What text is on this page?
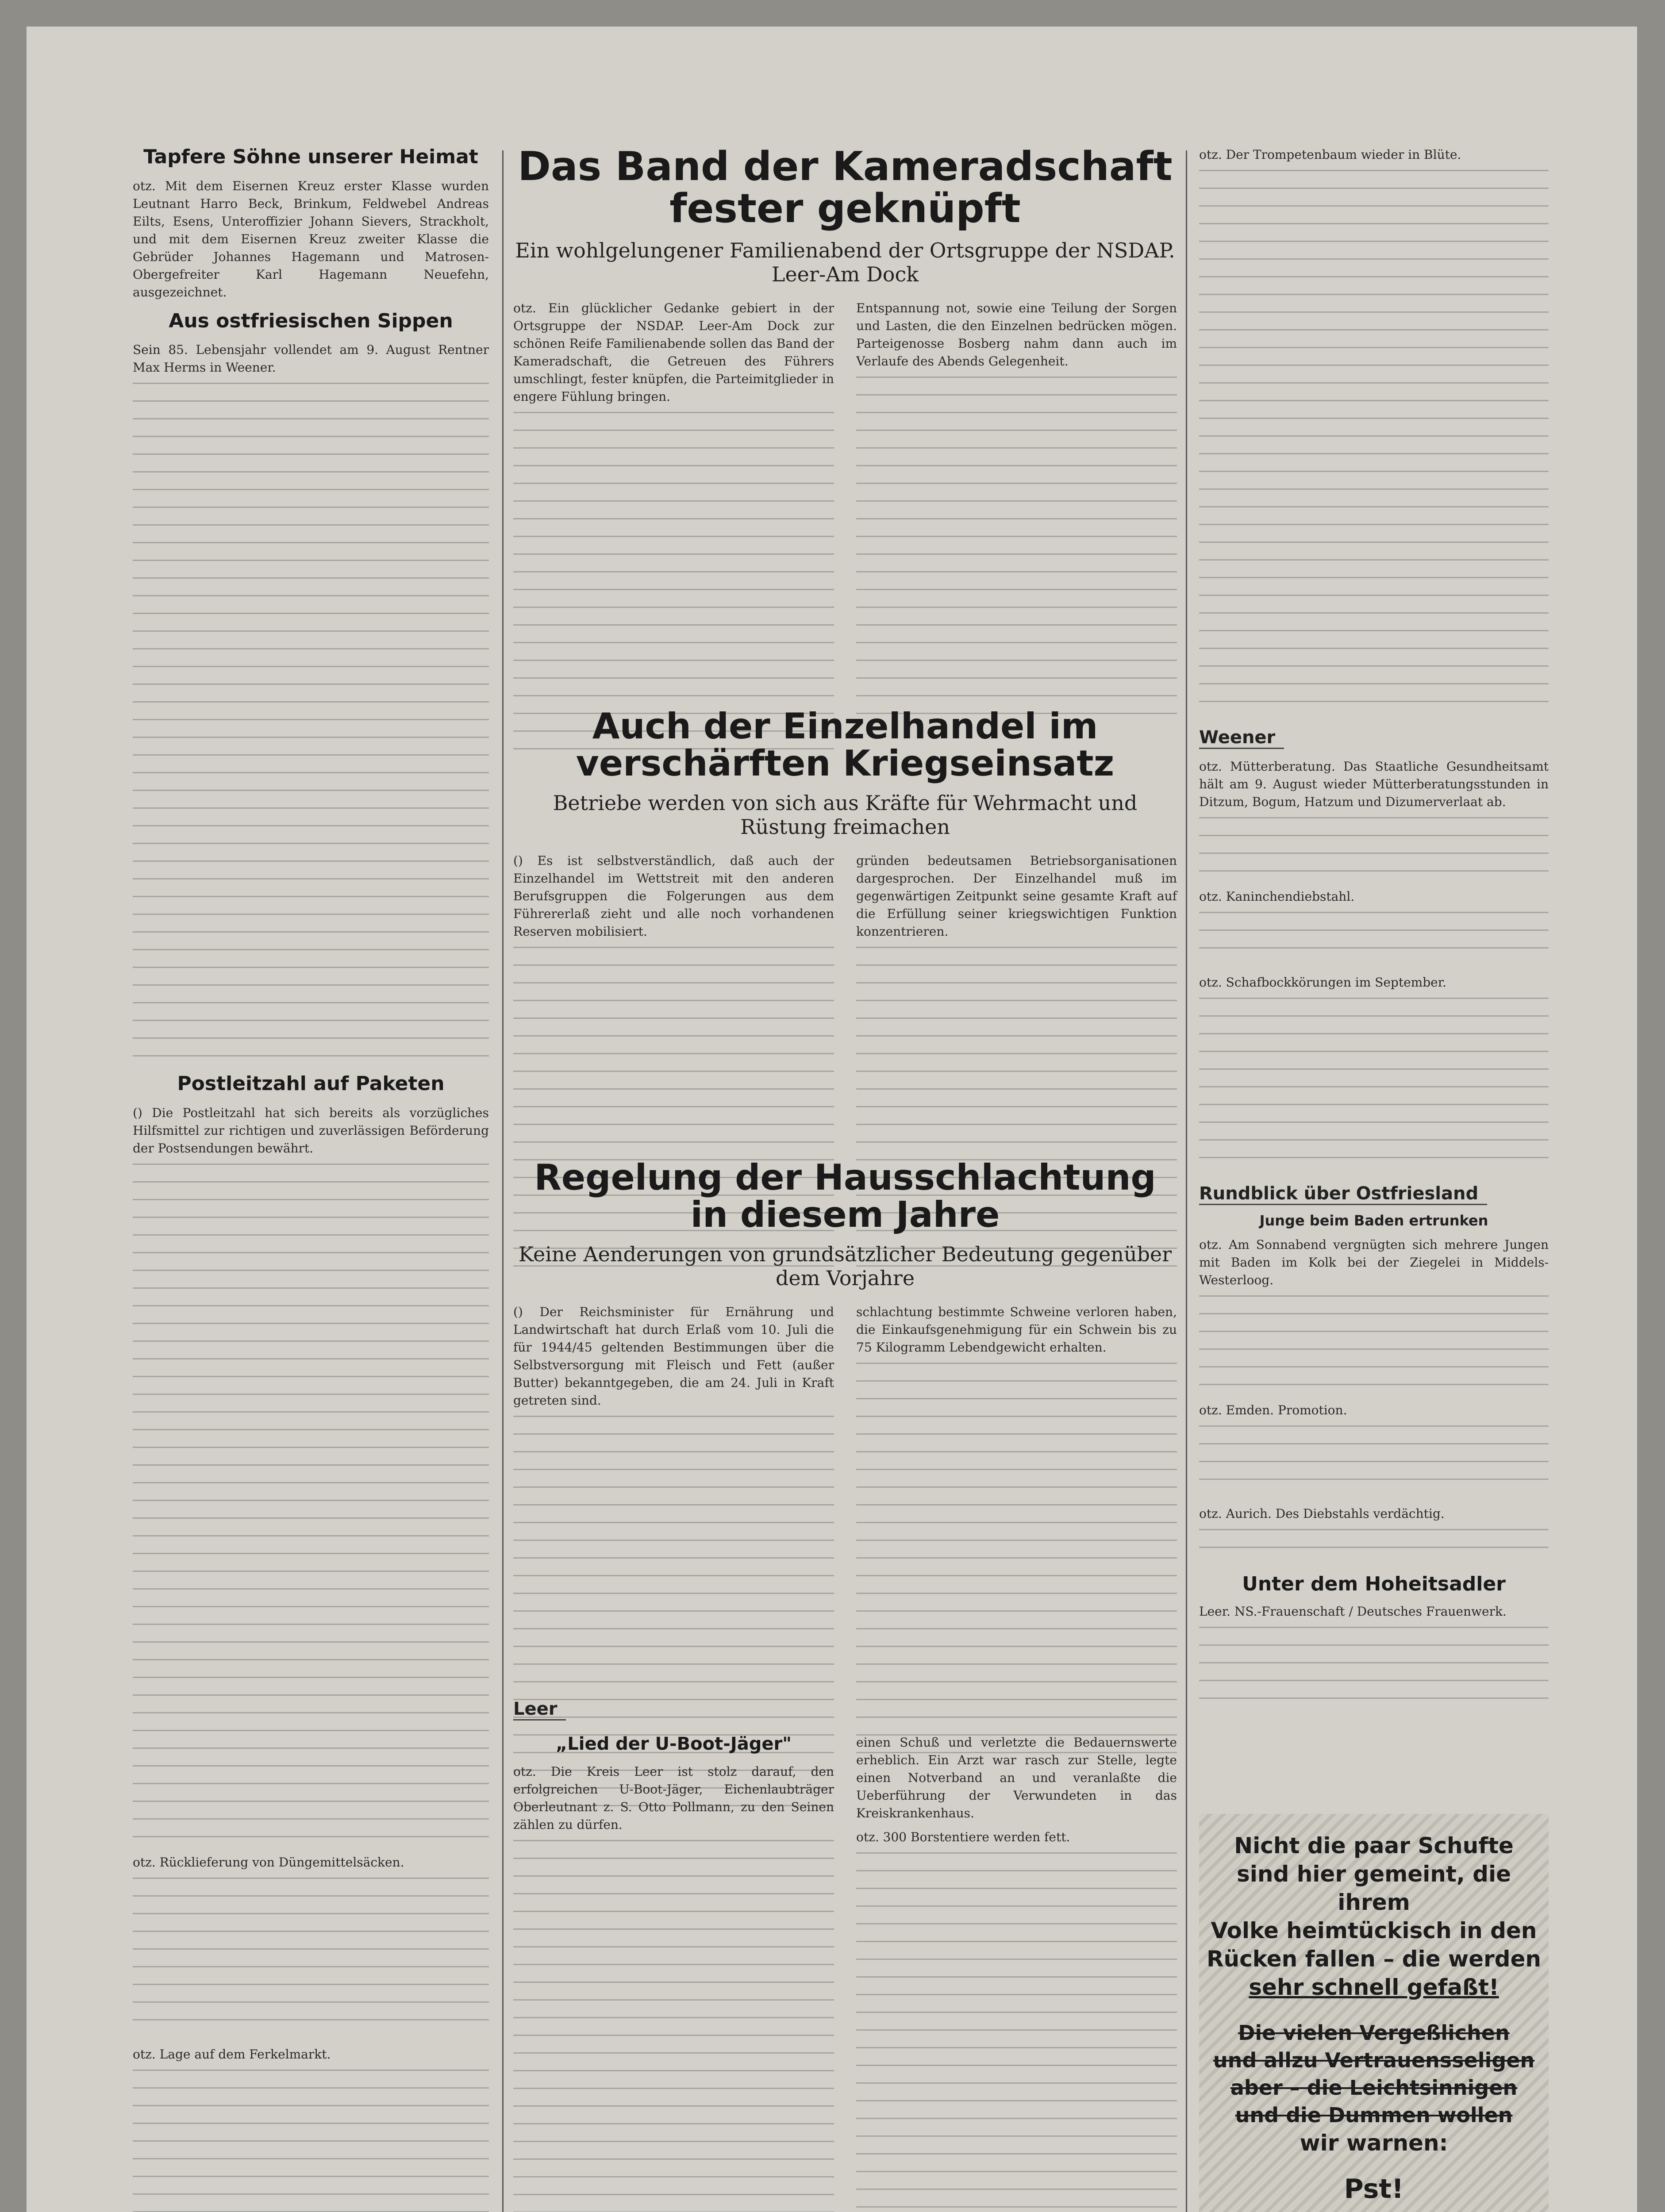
Tapfere Söhne unserer Heimat

otz. Mit dem Eisernen Kreuz erster Klasse wurden Leutnant Harro Beck, Brinkum, Feldwebel Andreas Eilts, Esens, Unteroffizier Johann Sievers, Strackholt, und mit dem Eisernen Kreuz zweiter Klasse die Gebrüder Johannes Hagemann und Matrosen-Obergefreiter Karl Hagemann Neuefehn, ausgezeichnet.

Aus ostfriesischen Sippen

Sein 85. Lebensjahr vollendet am 9. August Rentner Max Herms in Weener.

Postleitzahl auf Paketen

() Die Postleitzahl hat sich bereits als vorzügliches Hilfsmittel zur richtigen und zuverlässigen Beförderung der Postsendungen bewährt.

otz. Rücklieferung von Düngemittelsäcken.

otz. Lage auf dem Ferkelmarkt.

Das Band der Kameradschaft fester geknüpft
Ein wohlgelungener Familienabend der Ortsgruppe der NSDAP. Leer-Am Dock

otz. Ein glücklicher Gedanke gebiert in der Ortsgruppe der NSDAP. Leer-Am Dock zur schönen Reife Familienabende sollen das Band der Kameradschaft, die Getreuen des Führers umschlingt, fester knüpfen, die Parteimitglieder in engere Fühlung bringen.

Entspannung not, sowie eine Teilung der Sorgen und Lasten, die den Einzelnen bedrücken mögen. Parteigenosse Bosberg nahm dann auch im Verlaufe des Abends Gelegenheit.

Auch der Einzelhandel im verschärften Kriegseinsatz
Betriebe werden von sich aus Kräfte für Wehrmacht und Rüstung freimachen

() Es ist selbstverständlich, daß auch der Einzelhandel im Wettstreit mit den anderen Berufsgruppen die Folgerungen aus dem Führererlaß zieht und alle noch vorhandenen Reserven mobilisiert.

gründen bedeutsamen Betriebsorganisationen dargesprochen. Der Einzelhandel muß im gegenwärtigen Zeitpunkt seine gesamte Kraft auf die Erfüllung seiner kriegswichtigen Funktion konzentrieren.

Regelung der Hausschlachtung in diesem Jahre
Keine Aenderungen von grundsätzlicher Bedeutung gegenüber dem Vorjahre

() Der Reichsminister für Ernährung und Landwirtschaft hat durch Erlaß vom 10. Juli die für 1944/45 geltenden Bestimmungen über die Selbstversorgung mit Fleisch und Fett (außer Butter) bekanntgegeben, die am 24. Juli in Kraft getreten sind.

schlachtung bestimmte Schweine verloren haben, die Einkaufsgenehmigung für ein Schwein bis zu 75 Kilogramm Lebendgewicht erhalten.

Leer
„Lied der U-Boot-Jäger"

otz. Die Kreis Leer ist stolz darauf, den erfolgreichen U-Boot-Jäger, Eichenlaubträger Oberleutnant z. S. Otto Pollmann, zu den Seinen zählen zu dürfen.

einen Schuß und verletzte die Bedauernswerte erheblich. Ein Arzt war rasch zur Stelle, legte einen Notverband an und veranlaßte die Ueberführung der Verwundeten in das Kreiskrankenhaus.

otz. 300 Borstentiere werden fett.

otz. Der Trompetenbaum wieder in Blüte.

Weener

otz. Mütterberatung. Das Staatliche Gesundheitsamt hält am 9. August wieder Mütterberatungsstunden in Ditzum, Bogum, Hatzum und Dizumerverlaat ab.

otz. Kaninchendiebstahl.

otz. Schafbockkörungen im September.

Rundblick über Ostfriesland
Junge beim Baden ertrunken

otz. Am Sonnabend vergnügten sich mehrere Jungen mit Baden im Kolk bei der Ziegelei in Middels-Westerloog.

otz. Emden. Promotion.

otz. Aurich. Des Diebstahls verdächtig.

Unter dem Hoheitsadler

Leer. NS.-Frauenschaft / Deutsches Frauenwerk.

Nicht die paar Schufte
sind hier gemeint, die ihrem
Volke heimtückisch in den
Rücken fallen – die werden
sehr schnell gefaßt!
Die vielen Vergeßlichen
und allzu Vertrauensseligen
aber – die Leichtsinnigen
und die Dummen wollen
wir warnen:
Pst!
